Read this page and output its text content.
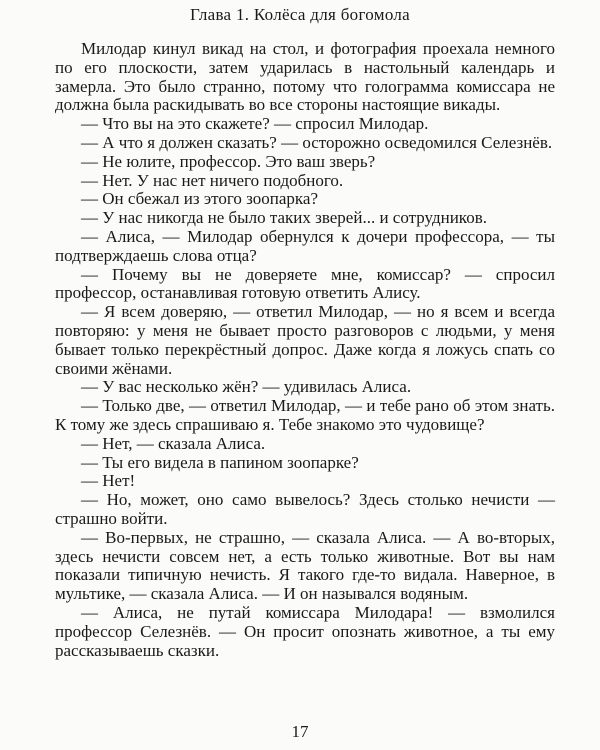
Глава 1. Колёса для богомола

Милодар кинул викад на стол, и фотография проехала немного по его плоскости, затем ударилась в настольный календарь и замерла. Это было странно, потому что голограмма комиссара не должна была раскидывать во все стороны настоящие викады.

— Что вы на это скажете? — спросил Милодар.

— А что я должен сказать? — осторожно осведомился Селезнёв.

— Не юлите, профессор. Это ваш зверь?

— Нет. У нас нет ничего подобного.

— Он сбежал из этого зоопарка?

— У нас никогда не было таких зверей... и сотрудников.

— Алиса, — Милодар обернулся к дочери профессора, — ты подтверждаешь слова отца?

— Почему вы не доверяете мне, комиссар? — спросил профессор, останавливая готовую ответить Алису.

— Я всем доверяю, — ответил Милодар, — но я всем и всегда повторяю: у меня не бывает просто разговоров с людьми, у меня бывает только перекрёстный допрос. Даже когда я ложусь спать со своими жёнами.

— У вас несколько жён? — удивилась Алиса.

— Только две, — ответил Милодар, — и тебе рано об этом знать. К тому же здесь спрашиваю я. Тебе знакомо это чудовище?

— Нет, — сказала Алиса.

— Ты его видела в папином зоопарке?

— Нет!

— Но, может, оно само вывелось? Здесь столько нечисти — страшно войти.

— Во-первых, не страшно, — сказала Алиса. — А во-вторых, здесь нечисти совсем нет, а есть только животные. Вот вы нам показали типичную нечисть. Я такого где-то видала. Наверное, в мультике, — сказала Алиса. — И он назывался водяным.

— Алиса, не путай комиссара Милодара! — взмолился профессор Селезнёв. — Он просит опознать животное, а ты ему рассказываешь сказки.

17
